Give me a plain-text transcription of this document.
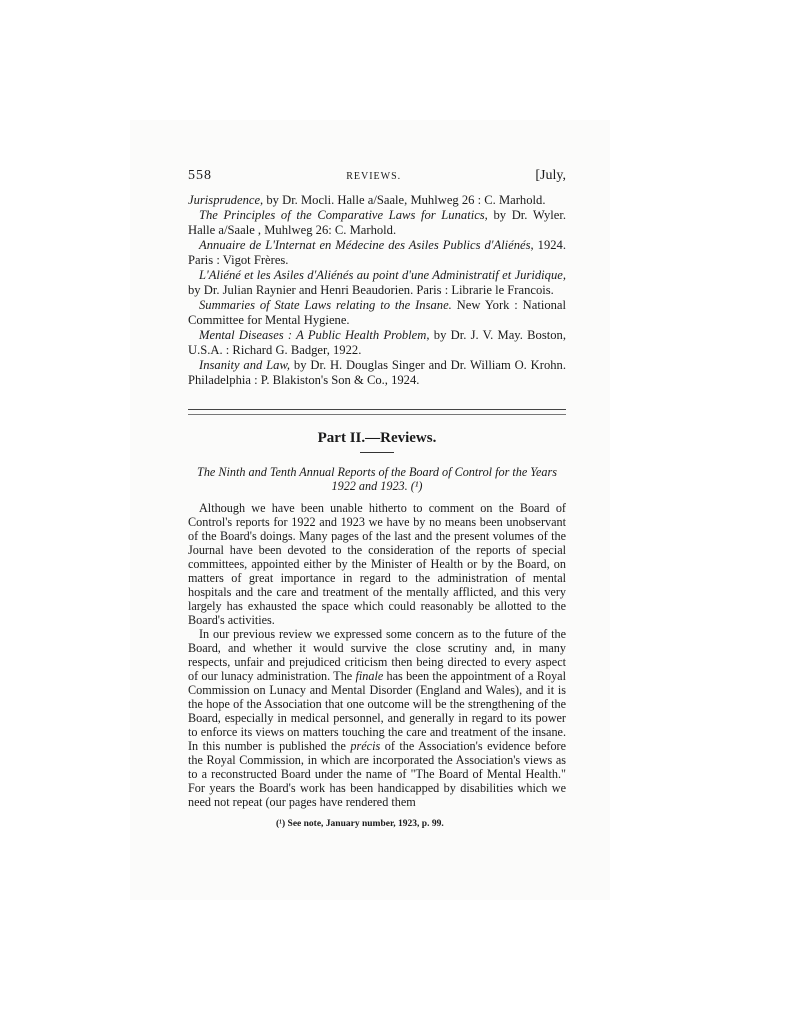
558	REVIEWS.	[July,

Jurisprudence, by Dr. Mocli. Halle a/Saale, Muhlweg 26 : C. Marhold.

The Principles of the Comparative Laws for Lunatics, by Dr. Wyler. Halle a/Saale , Muhlweg 26: C. Marhold.

Annuaire de L'Internat en Médecine des Asiles Publics d'Aliénés, 1924. Paris : Vigot Frères.

L'Aliéné et les Asiles d'Aliénés au point d'une Administratif et Juridique, by Dr. Julian Raynier and Henri Beaudorien. Paris : Librarie le Francois.

Summaries of State Laws relating to the Insane. New York : National Committee for Mental Hygiene.

Mental Diseases : A Public Health Problem, by Dr. J. V. May. Boston, U.S.A. : Richard G. Badger, 1922.

Insanity and Law, by Dr. H. Douglas Singer and Dr. William O. Krohn. Philadelphia : P. Blakiston's Son & Co., 1924.

Part II.—Reviews.
The Ninth and Tenth Annual Reports of the Board of Control for the Years 1922 and 1923. (¹)

Although we have been unable hitherto to comment on the Board of Control's reports for 1922 and 1923 we have by no means been unobservant of the Board's doings. Many pages of the last and the present volumes of the Journal have been devoted to the consideration of the reports of special committees, appointed either by the Minister of Health or by the Board, on matters of great importance in regard to the administration of mental hospitals and the care and treatment of the mentally afflicted, and this very largely has exhausted the space which could reasonably be allotted to the Board's activities.

In our previous review we expressed some concern as to the future of the Board, and whether it would survive the close scrutiny and, in many respects, unfair and prejudiced criticism then being directed to every aspect of our lunacy administration. The finale has been the appointment of a Royal Commission on Lunacy and Mental Disorder (England and Wales), and it is the hope of the Association that one outcome will be the strengthening of the Board, especially in medical personnel, and generally in regard to its power to enforce its views on matters touching the care and treatment of the insane. In this number is published the précis of the Association's evidence before the Royal Commission, in which are incorporated the Association's views as to a reconstructed Board under the name of "The Board of Mental Health." For years the Board's work has been handicapped by disabilities which we need not repeat (our pages have rendered them

(¹) See note, January number, 1923, p. 99.
